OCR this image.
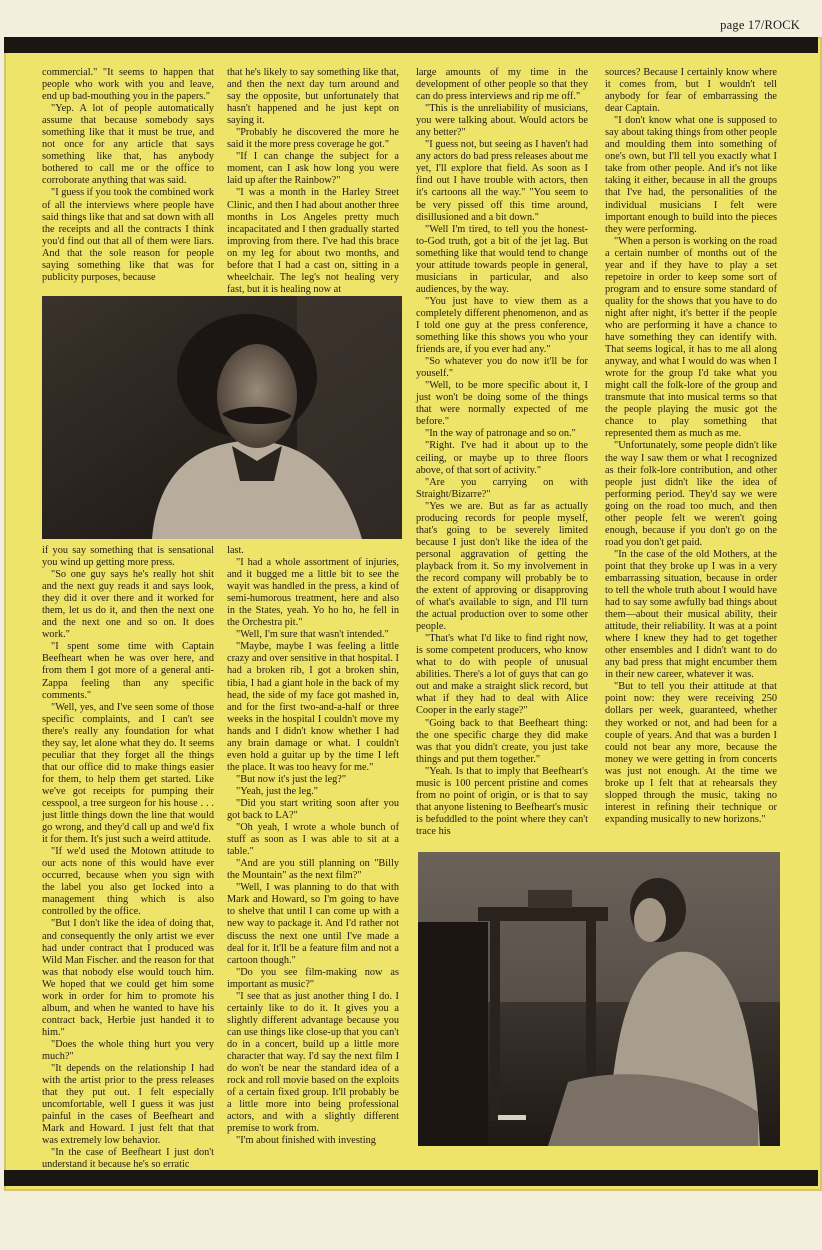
page 17/ROCK

commercial." "It seems to happen that people who work with you and leave, end up bad-mouthing you in the papers."

"Yep. A lot of people automatically assume that because somebody says something like that it must be true, and not once for any article that says something like that, has anybody bothered to call me or the office to corroborate anything that was said.

"I guess if you took the combined work of all the interviews where people have said things like that and sat down with all the receipts and all the contracts I think you'd find out that all of them were liars. And that the sole reason for people saying something like that was for publicity purposes, because

that he's likely to say something like that, and then the next day turn around and say the opposite, but unfortunately that hasn't happened and he just kept on saying it.

"Probably he discovered the more he said it the more press coverage he got."

"If I can change the subject for a moment, can I ask how long you were laid up after the Rainbow?"

"I was a month in the Harley Street Clinic, and then I had about another three months in Los Angeles pretty much incapacitated and I then gradually started improving from there. I've had this brace on my leg for about two months, and before that I had a cast on, sitting in a wheelchair. The leg's not healing very fast, but it is healing now at

if you say something that is sensational you wind up getting more press.

"So one guy says he's really hot shit and the next guy reads it and says look, they did it over there and it worked for them, let us do it, and then the next one and the next one and so on. It does work."

"I spent some time with Captain Beefheart when he was over here, and from them I got more of a general anti-Zappa feeling than any specific comments."

"Well, yes, and I've seen some of those specific complaints, and I can't see there's really any foundation for what they say, let alone what they do. It seems peculiar that they forget all the things that our office did to make things easier for them, to help them get started. Like we've got receipts for pumping their cesspool, a tree surgeon for his house . . . just little things down the line that would go wrong, and they'd call up and we'd fix it for them. It's just such a weird attitude.

"If we'd used the Motown attitude to our acts none of this would have ever occurred, because when you sign with the label you also get locked into a management thing which is also controlled by the office.

"But I don't like the idea of doing that, and consequently the only artist we ever had under contract that I produced was Wild Man Fischer. and the reason for that was that nobody else would touch him. We hoped that we could get him some work in order for him to promote his album, and when he wanted to have his contract back, Herbie just handed it to him."

"Does the whole thing hurt you very much?"

"It depends on the relationship I had with the artist prior to the press releases that they put out. I felt especially uncomfortable, well I guess it was just painful in the cases of Beefheart and Mark and Howard. I just felt that that was extremely low behavior.

"In the case of Beefheart I just don't understand it because he's so erratic

last.

"I had a whole assortment of injuries, and it bugged me a little bit to see the wayit was handled in the press, a kind of semi-humorous treatment, here and also in the States, yeah. Yo ho ho, he fell in the Orchestra pit."

"Well, I'm sure that wasn't intended."

"Maybe, maybe I was feeling a little crazy and over sensitive in that hospital. I had a broken rib, I got a broken shin, tibia, I had a giant hole in the back of my head, the side of my face got mashed in, and for the first two-and-a-half or three weeks in the hospital I couldn't move my hands and I didn't know whether I had any brain damage or what. I couldn't even hold a guitar up by the time I left the place. It was too heavy for me."

"But now it's just the leg?"

"Yeah, just the leg."

"Did you start writing soon after you got back to LA?"

"Oh yeah, I wrote a whole bunch of stuff as soon as I was able to sit at a table."

"And are you still planning on "Billy the Mountain" as the next film?"

"Well, I was planning to do that with Mark and Howard, so I'm going to have to shelve that until I can come up with a new way to package it. And I'd rather not discuss the next one until I've made a deal for it. It'll be a feature film and not a cartoon though."

"Do you see film-making now as important as music?"

"I see that as just another thing I do. I certainly like to do it. It gives you a slightly different advantage because you can use things like close-up that you can't do in a concert, build up a little more character that way. I'd say the next film I do won't be near the standard idea of a rock and roll movie based on the exploits of a certain fixed group. It'll probably be a little more into being professional actors, and with a slightly different premise to work from.

"I'm about finished with investing

large amounts of my time in the development of other people so that they can do press interviews and rip me off."

"This is the unreliability of musicians, you were talking about. Would actors be any better?"

"I guess not, but seeing as I haven't had any actors do bad press releases about me yet, I'll explore that field. As soon as I find out I have trouble with actors, then it's cartoons all the way." "You seem to be very pissed off this time around, disillusioned and a bit down."

"Well I'm tired, to tell you the honest-to-God truth, got a bit of the jet lag. But something like that would tend to change your attitude towards people in general, musicians in particular, and also audiences, by the way.

"You just have to view them as a completely different phenomenon, and as I told one guy at the press conference, something like this shows you who your friends are, if you ever had any."

"So whatever you do now it'll be for youself."

"Well, to be more specific about it, I just won't be doing some of the things that were normally expected of me before."

"In the way of patronage and so on."

"Right. I've had it about up to the ceiling, or maybe up to three floors above, of that sort of activity."

"Are you carrying on with Straight/Bizarre?"

"Yes we are. But as far as actually producing records for people myself, that's going to be severely limited because I just don't like the idea of the personal aggravation of getting the playback from it. So my involvement in the record company will probably be to the extent of approving or disapproving of what's available to sign, and I'll turn the actual production over to some other people.

"That's what I'd like to find right now, is some competent producers, who know what to do with people of unusual abilities. There's a lot of guys that can go out and make a straight slick record, but what if they had to deal with Alice Cooper in the early stage?"

"Going back to that Beefheart thing: the one specific charge they did make was that you didn't create, you just take things and put them together."

"Yeah. Is that to imply that Beefheart's music is 100 percent pristine and comes from no point of origin, or is that to say that anyone listening to Beefheart's music is befuddled to the point where they can't trace his

sources? Because I certainly know where it comes from, but I wouldn't tell anybody for fear of embarrassing the dear Captain.

"I don't know what one is supposed to say about taking things from other people and moulding them into something of one's own, but I'll tell you exactly what I take from other people. And it's not like taking it either, because in all the groups that I've had, the personalities of the individual musicians I felt were important enough to build into the pieces they were performing.

"When a person is working on the road a certain number of months out of the year and if they have to play a set repetoire in order to keep some sort of program and to ensure some standard of quality for the shows that you have to do night after night, it's better if the people who are performing it have a chance to have something they can identify with. That seems logical, it has to me all along anyway, and what I would do was when I wrote for the group I'd take what you might call the folk-lore of the group and transmute that into musical terms so that the people playing the music got the chance to play something that represented them as much as me.

"Unfortunately, some people didn't like the way I saw them or what I recognized as their folk-lore contribution, and other people just didn't like the idea of performing period. They'd say we were going on the road too much, and then other people felt we weren't going enough, because if you don't go on the road you don't get paid.

"In the case of the old Mothers, at the point that they broke up I was in a very embarrassing situation, because in order to tell the whole truth about I would have had to say some awfully bad things about them—about their musical ability, their attitude, their reliability. It was at a point where I knew they had to get together other ensembles and I didn't want to do any bad press that might encumber them in their new career, whatever it was.

"But to tell you their attitude at that point now: they were receiving 250 dollars per week, guaranteed, whether they worked or not, and had been for a couple of years. And that was a burden I could not bear any more, because the money we were getting in from concerts was just not enough. At the time we broke up I felt that at rehearsals they slopped through the music, taking no interest in refining their technique or expanding musically to new horizons."
